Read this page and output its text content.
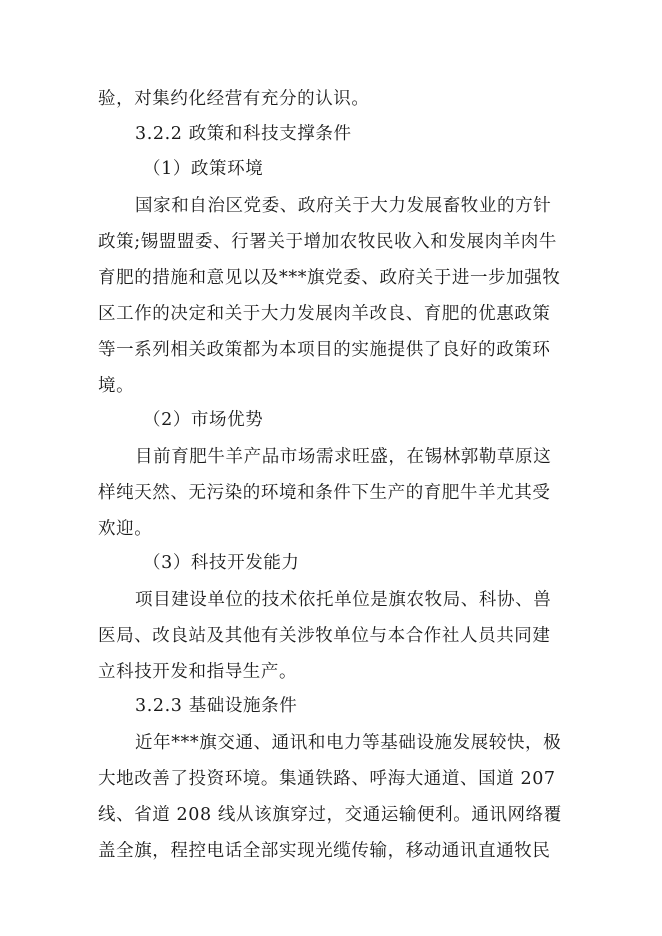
验，对集约化经营有充分的认识。
3.2.2 政策和科技支撑条件
（1）政策环境
国家和自治区党委、政府关于大力发展畜牧业的方针
政策;锡盟盟委、行署关于增加农牧民收入和发展肉羊肉牛
育肥的措施和意见以及***旗党委、政府关于进一步加强牧
区工作的决定和关于大力发展肉羊改良、育肥的优惠政策
等一系列相关政策都为本项目的实施提供了良好的政策环
境。
（2）市场优势
目前育肥牛羊产品市场需求旺盛，在锡林郭勒草原这
样纯天然、无污染的环境和条件下生产的育肥牛羊尤其受
欢迎。
（3）科技开发能力
项目建设单位的技术依托单位是旗农牧局、科协、兽
医局、改良站及其他有关涉牧单位与本合作社人员共同建
立科技开发和指导生产。
3.2.3 基础设施条件
近年***旗交通、通讯和电力等基础设施发展较快，极
大地改善了投资环境。集通铁路、呼海大通道、国道 207
线、省道 208 线从该旗穿过，交通运输便利。通讯网络覆
盖全旗，程控电话全部实现光缆传输，移动通讯直通牧民
